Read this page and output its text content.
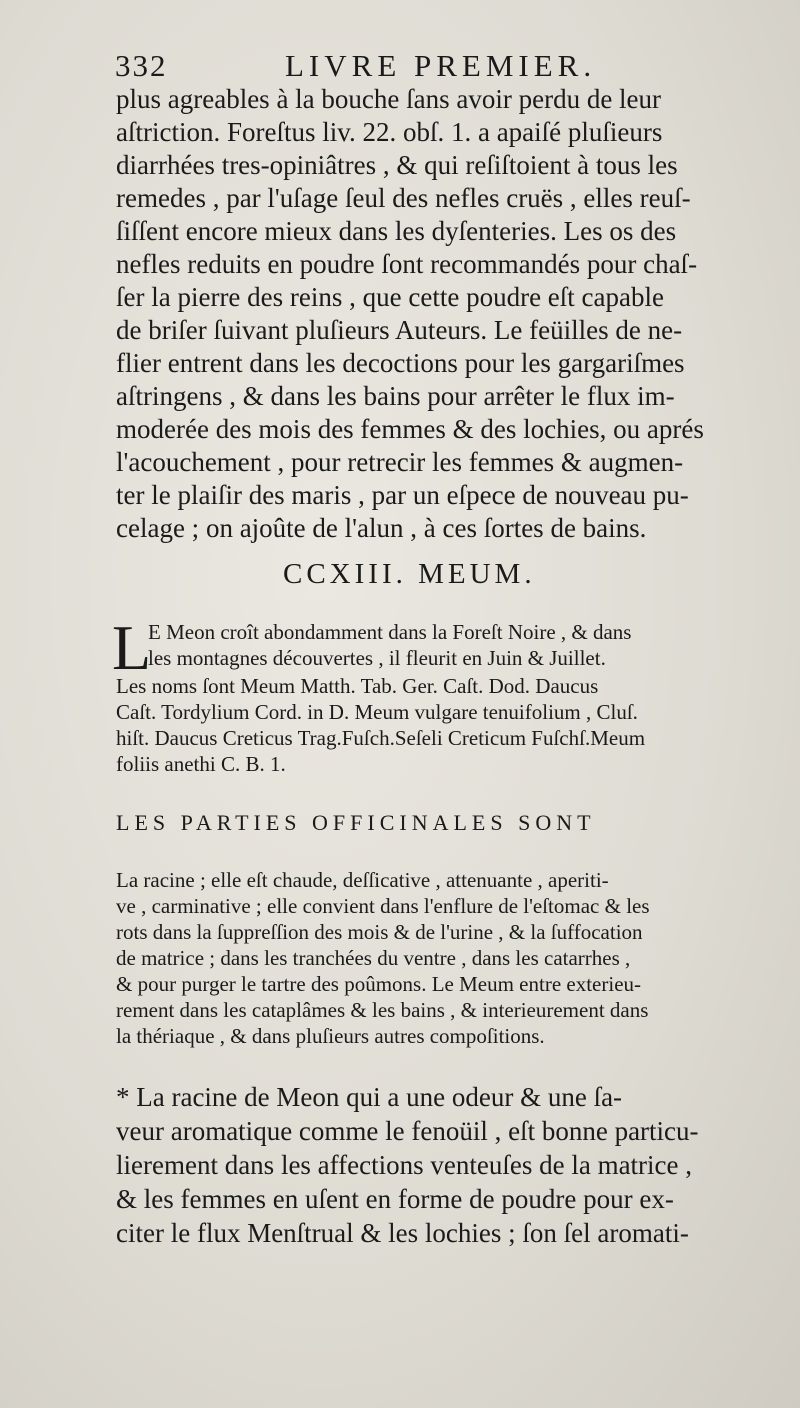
332	LIVRE PREMIER.
plus agreables à la bouche ſans avoir perdu de leur
aſtriction. Foreſtus liv. 22. obſ. 1. a apaiſé pluſieurs
diarrhées tres-opiniâtres , & qui reſiſtoient à tous les
remedes , par l'uſage ſeul des nefles cruës , elles reuſ-
ſiſſent encore mieux dans les dyſenteries. Les os des
nefles reduits en poudre ſont recommandés pour chaſ-
ſer la pierre des reins , que cette poudre eſt capable
de briſer ſuivant pluſieurs Auteurs. Le feüilles de ne-
flier entrent dans les decoctions pour les gargariſmes
aſtringens , & dans les bains pour arrêter le flux im-
moderée des mois des femmes & des lochies, ou aprés
l'acouchement , pour retrecir les femmes & augmen-
ter le plaiſir des maris , par un eſpece de nouveau pu-
celage ; on ajoûte de l'alun , à ces ſortes de bains.
CCXIII. MEUM.
L
E Meon croît abondamment dans la Foreſt Noire , & dans
les montagnes découvertes , il fleurit en Juin & Juillet.
Les noms ſont Meum Matth. Tab. Ger. Caſt. Dod. Daucus
Caſt. Tordylium Cord. in D. Meum vulgare tenuifolium , Cluſ.
hiſt. Daucus Creticus Trag.Fuſch.Seſeli Creticum Fuſchſ.Meum
foliis anethi C. B. 1.
LES PARTIES OFFICINALES SONT
La racine ; elle eſt chaude, deſſicative , attenuante , aperiti-
ve , carminative ; elle convient dans l'enflure de l'eſtomac & les
rots dans la ſuppreſſion des mois & de l'urine , & la ſuffocation
de matrice ; dans les tranchées du ventre , dans les catarrhes ,
& pour purger le tartre des poûmons. Le Meum entre exterieu-
rement dans les cataplâmes & les bains , & interieurement dans
la thériaque , & dans pluſieurs autres compoſitions.
* La racine de Meon qui a une odeur & une ſa-
veur aromatique comme le fenoüil , eſt bonne particu-
lierement dans les affections venteuſes de la matrice ,
& les femmes en uſent en forme de poudre pour ex-
citer le flux Menſtrual & les lochies ; ſon ſel aromati-
